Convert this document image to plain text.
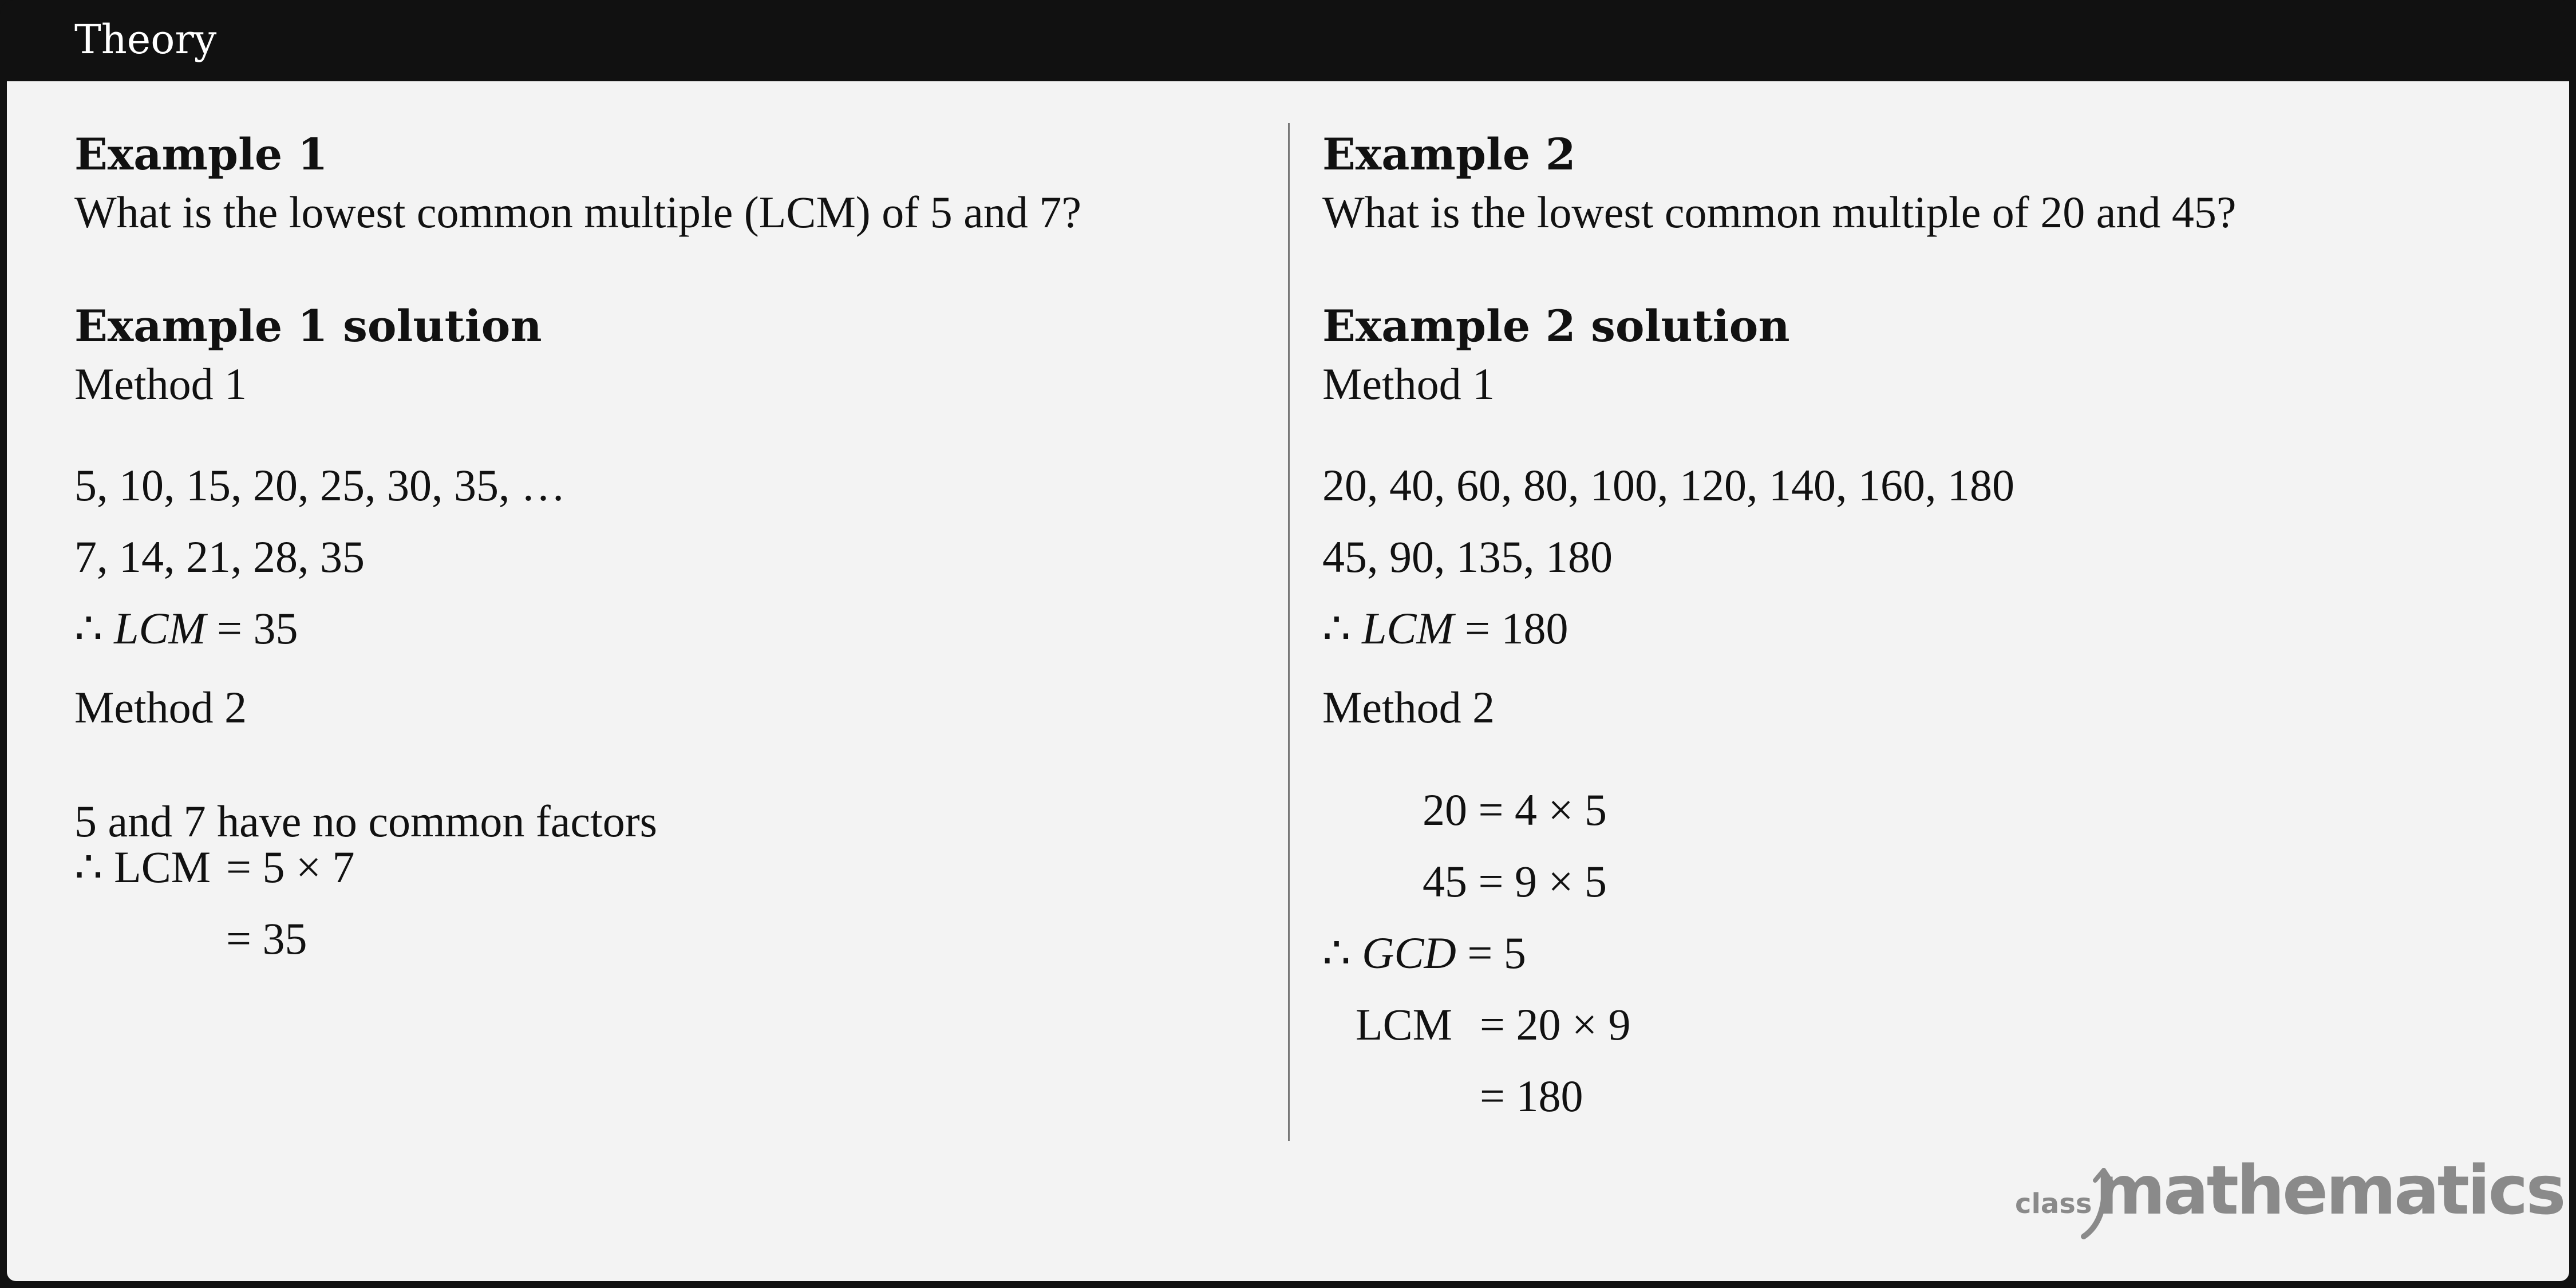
Theory
Example 1
What is the lowest common multiple (LCM) of 5 and 7?
Example 1 solution
Method 1
5, 10, 15, 20, 25, 30, 35, …
7, 14, 21, 28, 35
∴ LCM = 35
Method 2
5 and 7 have no common factors
∴ LCM = 5 × 7
= 35
Example 2
What is the lowest common multiple of 20 and 45?
Example 2 solution
Method 1
20, 40, 60, 80, 100, 120, 140, 160, 180
45, 90, 135, 180
∴ LCM = 180
Method 2
20 = 4 × 5
45 = 9 × 5
∴ GCD = 5
LCM = 20 × 9
= 180
class mathematics
